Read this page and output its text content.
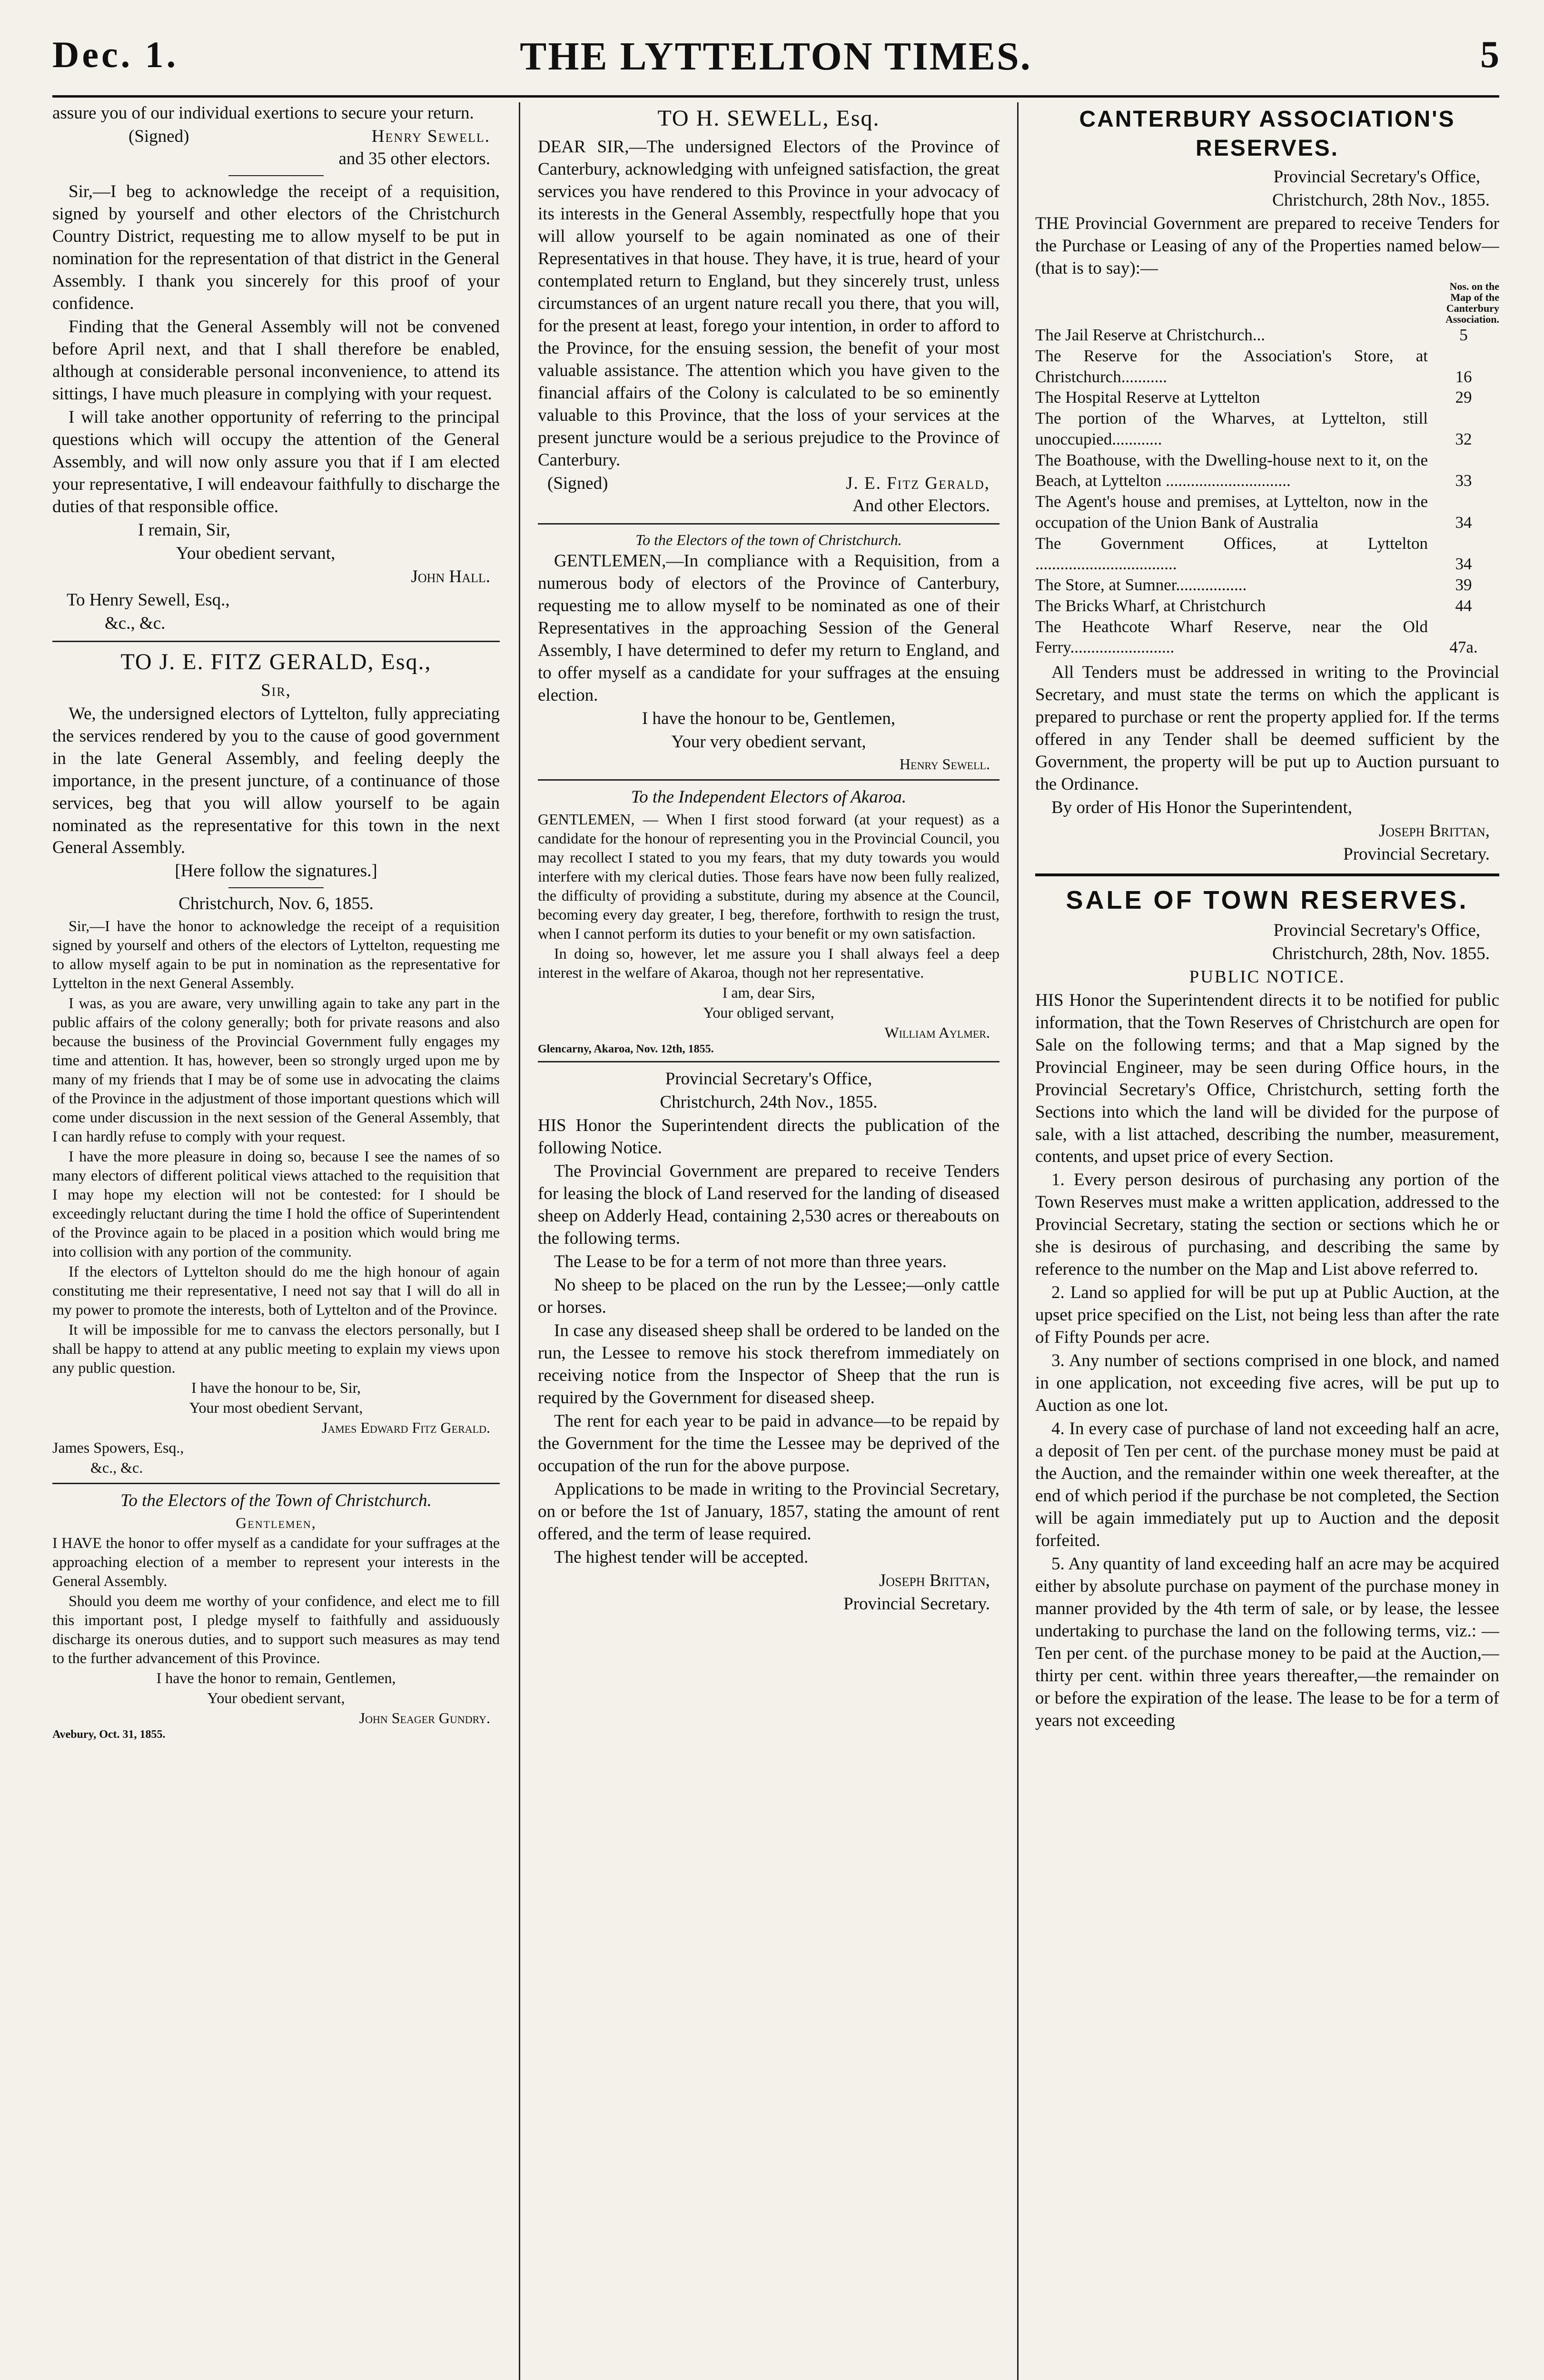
Dec. 1.	THE LYTTELTON TIMES.	5

assure you of our individual exertions to secure your return.

(Signed)	Henry Sewell.

and 35 other electors.

Sir,—I beg to acknowledge the receipt of a requisition, signed by yourself and other electors of the Christchurch Country District, requesting me to allow myself to be put in nomination for the representation of that district in the General Assembly. I thank you sincerely for this proof of your confidence.

Finding that the General Assembly will not be convened before April next, and that I shall therefore be enabled, although at considerable personal inconvenience, to attend its sittings, I have much pleasure in complying with your request.

I will take another opportunity of referring to the principal questions which will occupy the attention of the General Assembly, and will now only assure you that if I am elected your representative, I will endeavour faithfully to discharge the duties of that responsible office.

I remain, Sir,

Your obedient servant,

John Hall.

To Henry Sewell, Esq.,

&c., &c.

TO J. E. FITZ GERALD, Esq.,

Sir,

We, the undersigned electors of Lyttelton, fully appreciating the services rendered by you to the cause of good government in the late General Assembly, and feeling deeply the importance, in the present juncture, of a continuance of those services, beg that you will allow yourself to be again nominated as the representative for this town in the next General Assembly.

[Here follow the signatures.]

Christchurch, Nov. 6, 1855.

Sir,—I have the honor to acknowledge the receipt of a requisition signed by yourself and others of the electors of Lyttelton, requesting me to allow myself again to be put in nomination as the representative for Lyttelton in the next General Assembly.

I was, as you are aware, very unwilling again to take any part in the public affairs of the colony generally; both for private reasons and also because the business of the Provincial Government fully engages my time and attention. It has, however, been so strongly urged upon me by many of my friends that I may be of some use in advocating the claims of the Province in the adjustment of those important questions which will come under discussion in the next session of the General Assembly, that I can hardly refuse to comply with your request.

I have the more pleasure in doing so, because I see the names of so many electors of different political views attached to the requisition that I may hope my election will not be contested: for I should be exceedingly reluctant during the time I hold the office of Superintendent of the Province again to be placed in a position which would bring me into collision with any portion of the community.

If the electors of Lyttelton should do me the high honour of again constituting me their representative, I need not say that I will do all in my power to promote the interests, both of Lyttelton and of the Province.

It will be impossible for me to canvass the electors personally, but I shall be happy to attend at any public meeting to explain my views upon any public question.

I have the honour to be, Sir,

Your most obedient Servant,

James Edward Fitz Gerald.

James Spowers, Esq.,

&c., &c.

To the Electors of the Town of Christchurch.

Gentlemen,

I HAVE the honor to offer myself as a candidate for your suffrages at the approaching election of a member to represent your interests in the General Assembly.

Should you deem me worthy of your confidence, and elect me to fill this important post, I pledge myself to faithfully and assiduously discharge its onerous duties, and to support such measures as may tend to the further advancement of this Province.

I have the honor to remain, Gentlemen,

Your obedient servant,

John Seager Gundry.

Avebury, Oct. 31, 1855.

TO H. SEWELL, Esq.

DEAR SIR,—The undersigned Electors of the Province of Canterbury, acknowledging with unfeigned satisfaction, the great services you have rendered to this Province in your advocacy of its interests in the General Assembly, respectfully hope that you will allow yourself to be again nominated as one of their Representatives in that house. They have, it is true, heard of your contemplated return to England, but they sincerely trust, unless circumstances of an urgent nature recall you there, that you will, for the present at least, forego your intention, in order to afford to the Province, for the ensuing session, the benefit of your most valuable assistance. The attention which you have given to the financial affairs of the Colony is calculated to be so eminently valuable to this Province, that the loss of your services at the present juncture would be a serious prejudice to the Province of Canterbury.

(Signed)	J. E. Fitz Gerald,

And other Electors.

To the Electors of the town of Christchurch.

GENTLEMEN,—In compliance with a Requisition, from a numerous body of electors of the Province of Canterbury, requesting me to allow myself to be nominated as one of their Representatives in the approaching Session of the General Assembly, I have determined to defer my return to England, and to offer myself as a candidate for your suffrages at the ensuing election.

I have the honour to be, Gentlemen,

Your very obedient servant,

Henry Sewell.

To the Independent Electors of Akaroa.

GENTLEMEN, — When I first stood forward (at your request) as a candidate for the honour of representing you in the Provincial Council, you may recollect I stated to you my fears, that my duty towards you would interfere with my clerical duties. Those fears have now been fully realized, the difficulty of providing a substitute, during my absence at the Council, becoming every day greater, I beg, therefore, forthwith to resign the trust, when I cannot perform its duties to your benefit or my own satisfaction.

In doing so, however, let me assure you I shall always feel a deep interest in the welfare of Akaroa, though not her representative.

I am, dear Sirs,

Your obliged servant,

William Aylmer.

Glencarny, Akaroa, Nov. 12th, 1855.

Provincial Secretary's Office,

Christchurch, 24th Nov., 1855.

HIS Honor the Superintendent directs the publication of the following Notice.

The Provincial Government are prepared to receive Tenders for leasing the block of Land reserved for the landing of diseased sheep on Adderly Head, containing 2,530 acres or thereabouts on the following terms.

The Lease to be for a term of not more than three years.

No sheep to be placed on the run by the Lessee;—only cattle or horses.

In case any diseased sheep shall be ordered to be landed on the run, the Lessee to remove his stock therefrom immediately on receiving notice from the Inspector of Sheep that the run is required by the Government for diseased sheep.

The rent for each year to be paid in advance—to be repaid by the Government for the time the Lessee may be deprived of the occupation of the run for the above purpose.

Applications to be made in writing to the Provincial Secretary, on or before the 1st of January, 1857, stating the amount of rent offered, and the term of lease required.

The highest tender will be accepted.

Joseph Brittan,

Provincial Secretary.

CANTERBURY ASSOCIATION'S RESERVES.

Provincial Secretary's Office,

Christchurch, 28th Nov., 1855.

THE Provincial Government are prepared to receive Tenders for the Purchase or Leasing of any of the Properties named below—(that is to say):—

Nos. on the Map of the Canterbury Association.
The Jail Reserve at Christchurch...	5
The Reserve for the Association's Store, at Christchurch...........	16
The Hospital Reserve at Lyttelton	29
The portion of the Wharves, at Lyttelton, still unoccupied............	32
The Boathouse, with the Dwelling-house next to it, on the Beach, at Lyttelton ..............................	33
The Agent's house and premises, at Lyttelton, now in the occupation of the Union Bank of Australia	34
The Government Offices, at Lyttelton ..................................	34
The Store, at Sumner.................	39
The Bricks Wharf, at Christchurch	44
The Heathcote Wharf Reserve, near the Old Ferry.........................	47a.

All Tenders must be addressed in writing to the Provincial Secretary, and must state the terms on which the applicant is prepared to purchase or rent the property applied for. If the terms offered in any Tender shall be deemed sufficient by the Government, the property will be put up to Auction pursuant to the Ordinance.

By order of His Honor the Superintendent,

Joseph Brittan,

Provincial Secretary.

SALE OF TOWN RESERVES.

Provincial Secretary's Office,

Christchurch, 28th, Nov. 1855.

PUBLIC NOTICE.

HIS Honor the Superintendent directs it to be notified for public information, that the Town Reserves of Christchurch are open for Sale on the following terms; and that a Map signed by the Provincial Engineer, may be seen during Office hours, in the Provincial Secretary's Office, Christchurch, setting forth the Sections into which the land will be divided for the purpose of sale, with a list attached, describing the number, measurement, contents, and upset price of every Section.

1. Every person desirous of purchasing any portion of the Town Reserves must make a written application, addressed to the Provincial Secretary, stating the section or sections which he or she is desirous of purchasing, and describing the same by reference to the number on the Map and List above referred to.

2. Land so applied for will be put up at Public Auction, at the upset price specified on the List, not being less than after the rate of Fifty Pounds per acre.

3. Any number of sections comprised in one block, and named in one application, not exceeding five acres, will be put up to Auction as one lot.

4. In every case of purchase of land not exceeding half an acre, a deposit of Ten per cent. of the purchase money must be paid at the Auction, and the remainder within one week thereafter, at the end of which period if the purchase be not completed, the Section will be again immediately put up to Auction and the deposit forfeited.

5. Any quantity of land exceeding half an acre may be acquired either by absolute purchase on payment of the purchase money in manner provided by the 4th term of sale, or by lease, the lessee undertaking to purchase the land on the following terms, viz.: —Ten per cent. of the purchase money to be paid at the Auction,—thirty per cent. within three years thereafter,—the remainder on or before the expiration of the lease. The lease to be for a term of years not exceeding
